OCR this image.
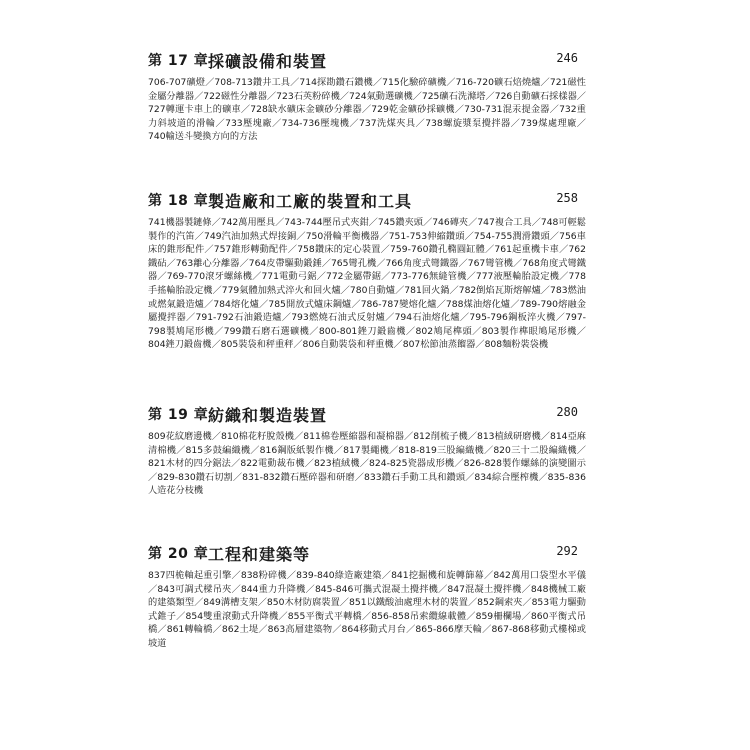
第 17 章 採礦設備和裝置	246
706-707礦燈／708-713鑽井工具／714探勘鑽石鑽機／715化驗碎礦機／716-720礦石焙燒爐／721磁性金屬分離器／722磁性分離器／723石英粉碎機／724氣動選礦機／725礦石洗滌塔／726自動礦石採樣器／727轉運卡車上的礦車／728缺水礦床金礦砂分離器／729乾金礦砂採礦機／730-731混汞提金器／732重力斜坡道的滑輪／733壓塊廠／734-736壓塊機／737洗煤夾具／738螺旋漿泵攪拌器／739煤處理廠／740輸送斗變換方向的方法
第 18 章 製造廠和工廠的裝置和工具	258
741機器製鏈條／742萬用壓具／743-744壓吊式夾鉗／745鑽夾頭／746磚夾／747複合工具／748可輕鬆製作的汽笛／749汽油加熱式焊接銅／750滑輪平衡機器／751-753伸縮鑽頭／754-755潤滑鑽頭／756車床的錐形配件／757錐形轉動配件／758鑽床的定心裝置／759-760鑽孔橢圓缸體／761起重機卡車／762鐵砧／763離心分離器／764皮帶驅動鍛錘／765彎孔機／766角度式彎鐵器／767彎管機／768角度式彎鐵器／769-770滾牙螺絲機／771電動弓鋸／772金屬帶鋸／773-776無縫管機／777液壓輪胎設定機／778手搖輪胎設定機／779氣體加熱式淬火和回火爐／780自動爐／781回火鍋／782倒焰瓦斯熔解爐／783燃油或燃氣鍛造爐／784熔化爐／785開放式爐床鋼爐／786-787變熔化爐／788煤油熔化爐／789-790熔融金屬攪拌器／791-792石油鍛造爐／793燃燒石油式反射爐／794石油熔化爐／795-796鋼板淬火機／797-798製鳩尾形機／799鑽石磨石選礦機／800-801銼刀鍛齒機／802鳩尾榫頭／803製作榫眼鳩尾形機／804銼刀鍛齒機／805裝袋和秤重秤／806自動裝袋和秤重機／807松節油蒸餾器／808麵粉裝袋機
第 19 章 紡織和製造裝置	280
809花紋磨邊機／810棉花籽脫殼機／811棉卷壓縮器和凝棉器／812削梳子機／813植絨研磨機／814亞麻清棉機／815多鼓編織機／816鋼版紙製作機／817製繩機／818-819三股編織機／820三十二股編織機／821木材的四分鋸法／822電動裁布機／823植絨機／824-825瓷器成形機／826-828製作螺絲的演變圖示／829-830鑽石切割／831-832鑽石壓碎器和研磨／833鑽石手動工具和鑽頭／834綜合壓榨機／835-836人造花分枝機
第 20 章 工程和建築等	292
837四桅軸起重引擎／838粉碎機／839-840綠造廠建築／841挖掘機和旋轉篩幕／842萬用口袋型水平儀／843可調式樑吊夾／844重力升降機／845-846可攜式混凝土攪拌機／847混凝土攪拌機／848機械工廠的建築類型／849溝槽支架／850木材防腐裝置／851以鐵酸油處理木材的裝置／852鋼索夾／853電力驅動式錐子／854雙重滾動式升降機／855平衡式平轉橋／856-858吊索纜線載體／859柵欄場／860平衡式吊橋／861轉輪橋／862土堤／863高層建築物／864移動式月台／865-866摩天輪／867-868移動式樓梯或坡道
